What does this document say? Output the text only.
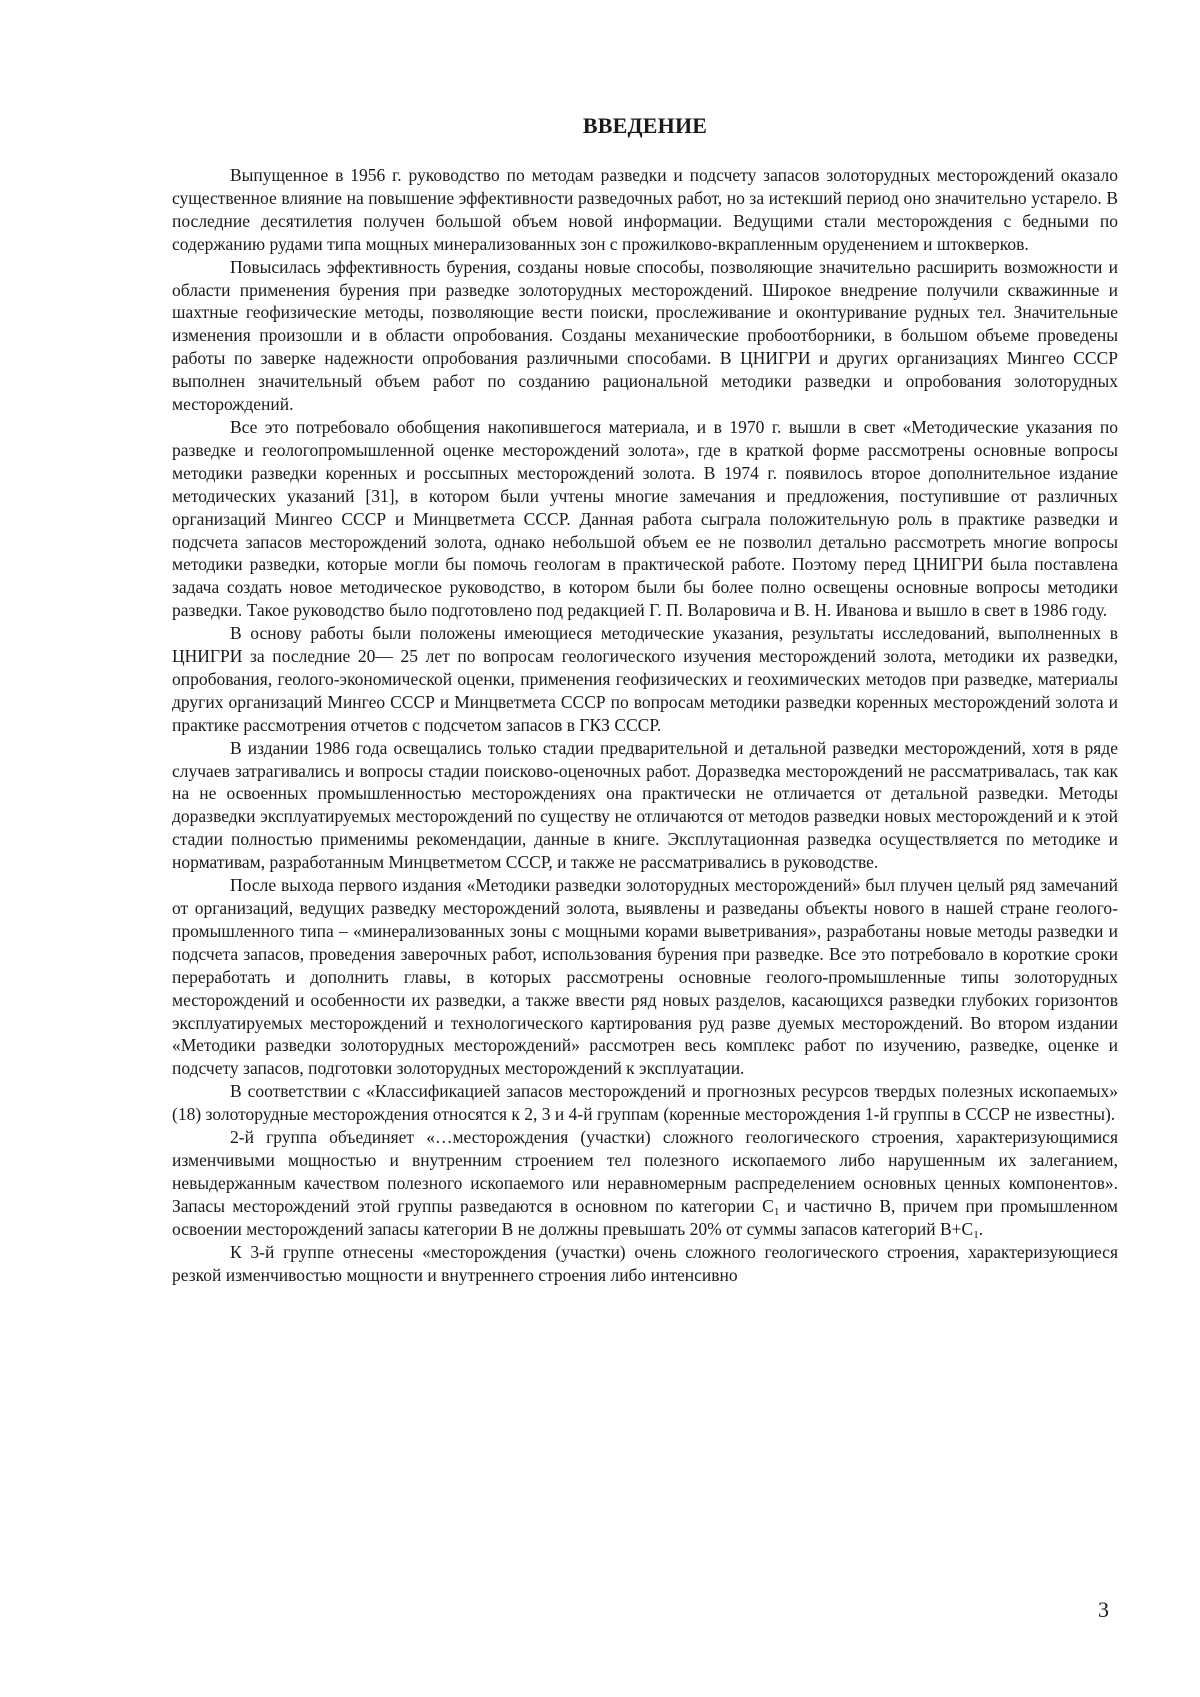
ВВЕДЕНИЕ

Выпущенное в 1956 г. руководство по методам разведки и подсчету запасов золоторудных месторождений оказало существенное влияние на повышение эффективности разведочных работ, но за истекший период оно значительно устарело. В последние десятилетия получен большой объем новой информации. Ведущими стали месторождения с бедными по содержанию рудами типа мощных минерализованных зон с прожилково-вкрапленным оруденением и штокверков.

Повысилась эффективность бурения, созданы новые способы, позволяющие значительно расширить возможности и области применения бурения при разведке золоторудных месторождений. Широкое внедрение получили скважинные и шахтные геофизические методы, позволяющие вести поиски, прослеживание и оконтуривание рудных тел. Значительные изменения произошли и в области опробования. Созданы механические пробоотборники, в большом объеме проведены работы по заверке надежности опробования различными способами. В ЦНИГРИ и других организациях Мингео СССР выполнен значительный объем работ по созданию рациональной методики разведки и опробования золоторудных месторождений.

Все это потребовало обобщения накопившегося материала, и в 1970 г. вышли в свет «Методические указания по разведке и геологопромышленной оценке месторождений золота», где в краткой форме рассмотрены основные вопросы методики разведки коренных и россыпных месторождений золота. В 1974 г. появилось второе дополнительное издание методических указаний [31], в котором были учтены многие замечания и предложения, поступившие от различных организаций Мингео СССР и Минцветмета СССР. Данная работа сыграла положительную роль в практике разведки и подсчета запасов месторождений золота, однако небольшой объем ее не позволил детально рассмотреть многие вопросы методики разведки, которые могли бы помочь геологам в практической работе. Поэтому перед ЦНИГРИ была поставлена задача создать новое методическое руководство, в котором были бы более полно освещены основные вопросы методики разведки. Такое руководство было подготовлено под редакцией Г. П. Воларовича и В. Н. Иванова и вышло в свет в 1986 году.

В основу работы были положены имеющиеся методические указания, результаты исследований, выполненных в ЦНИГРИ за последние 20— 25 лет по вопросам геологического изучения месторождений золота, методики их разведки, опробования, геолого-экономической оценки, применения геофизических и геохимических методов при разведке, материалы других организаций Мингео СССР и Минцветмета СССР по вопросам методики разведки коренных месторождений золота и практике рассмотрения отчетов с подсчетом запасов в ГКЗ СССР.

В издании 1986 года освещались только стадии предварительной и детальной разведки месторождений, хотя в ряде случаев затрагивались и вопросы стадии поисково-оценочных работ. Доразведка месторождений не рассматривалась, так как на не освоенных промышленностью месторождениях она практически не отличается от детальной разведки. Методы доразведки эксплуатируемых месторождений по существу не отличаются от методов разведки новых месторождений и к этой стадии полностью применимы рекомендации, данные в книге. Эксплутационная разведка осуществляется по методике и нормативам, разработанным Минцветметом СССР, и также не рассматривались в руководстве.

После выхода первого издания «Методики разведки золоторудных месторождений» был плучен целый ряд замечаний от организаций, ведущих разведку месторождений золота, выявлены и разведаны объекты нового в нашей стране геолого-промышленного типа – «минерализованных зоны с мощными корами выветривания», разработаны новые методы разведки и подсчета запасов, проведения заверочных работ, использования бурения при разведке. Все это потребовало в короткие сроки переработать и дополнить главы, в которых рассмотрены основные геолого-промышленные типы золоторудных месторождений и особенности их разведки, а также ввести ряд новых разделов, касающихся разведки глубоких горизонтов эксплуатируемых месторождений и технологического картирования руд разве дуемых месторождений. Во втором издании «Методики разведки золоторудных месторождений» рассмотрен весь комплекс работ по изучению, разведке, оценке и подсчету запасов, подготовки золоторудных месторождений к эксплуатации.

В соответствии с «Классификацией запасов месторождений и прогнозных ресурсов твердых полезных ископаемых» (18) золоторудные месторождения относятся к 2, 3 и 4-й группам (коренные месторождения 1-й группы в СССР не известны).

2-й группа объединяет «…месторождения (участки) сложного геологического строения, характеризующимися изменчивыми мощностью и внутренним строением тел полезного ископаемого либо нарушенным их залеганием, невыдержанным качеством полезного ископаемого или неравномерным распределением основных ценных компонентов». Запасы месторождений этой группы разведаются в основном по категории С1 и частично В, причем при промышленном освоении месторождений запасы категории В не должны превышать 20% от суммы запасов категорий В+С1.

К 3-й группе отнесены «месторождения (участки) очень сложного геологического строения, характеризующиеся резкой изменчивостью мощности и внутреннего строения либо интенсивно

3
